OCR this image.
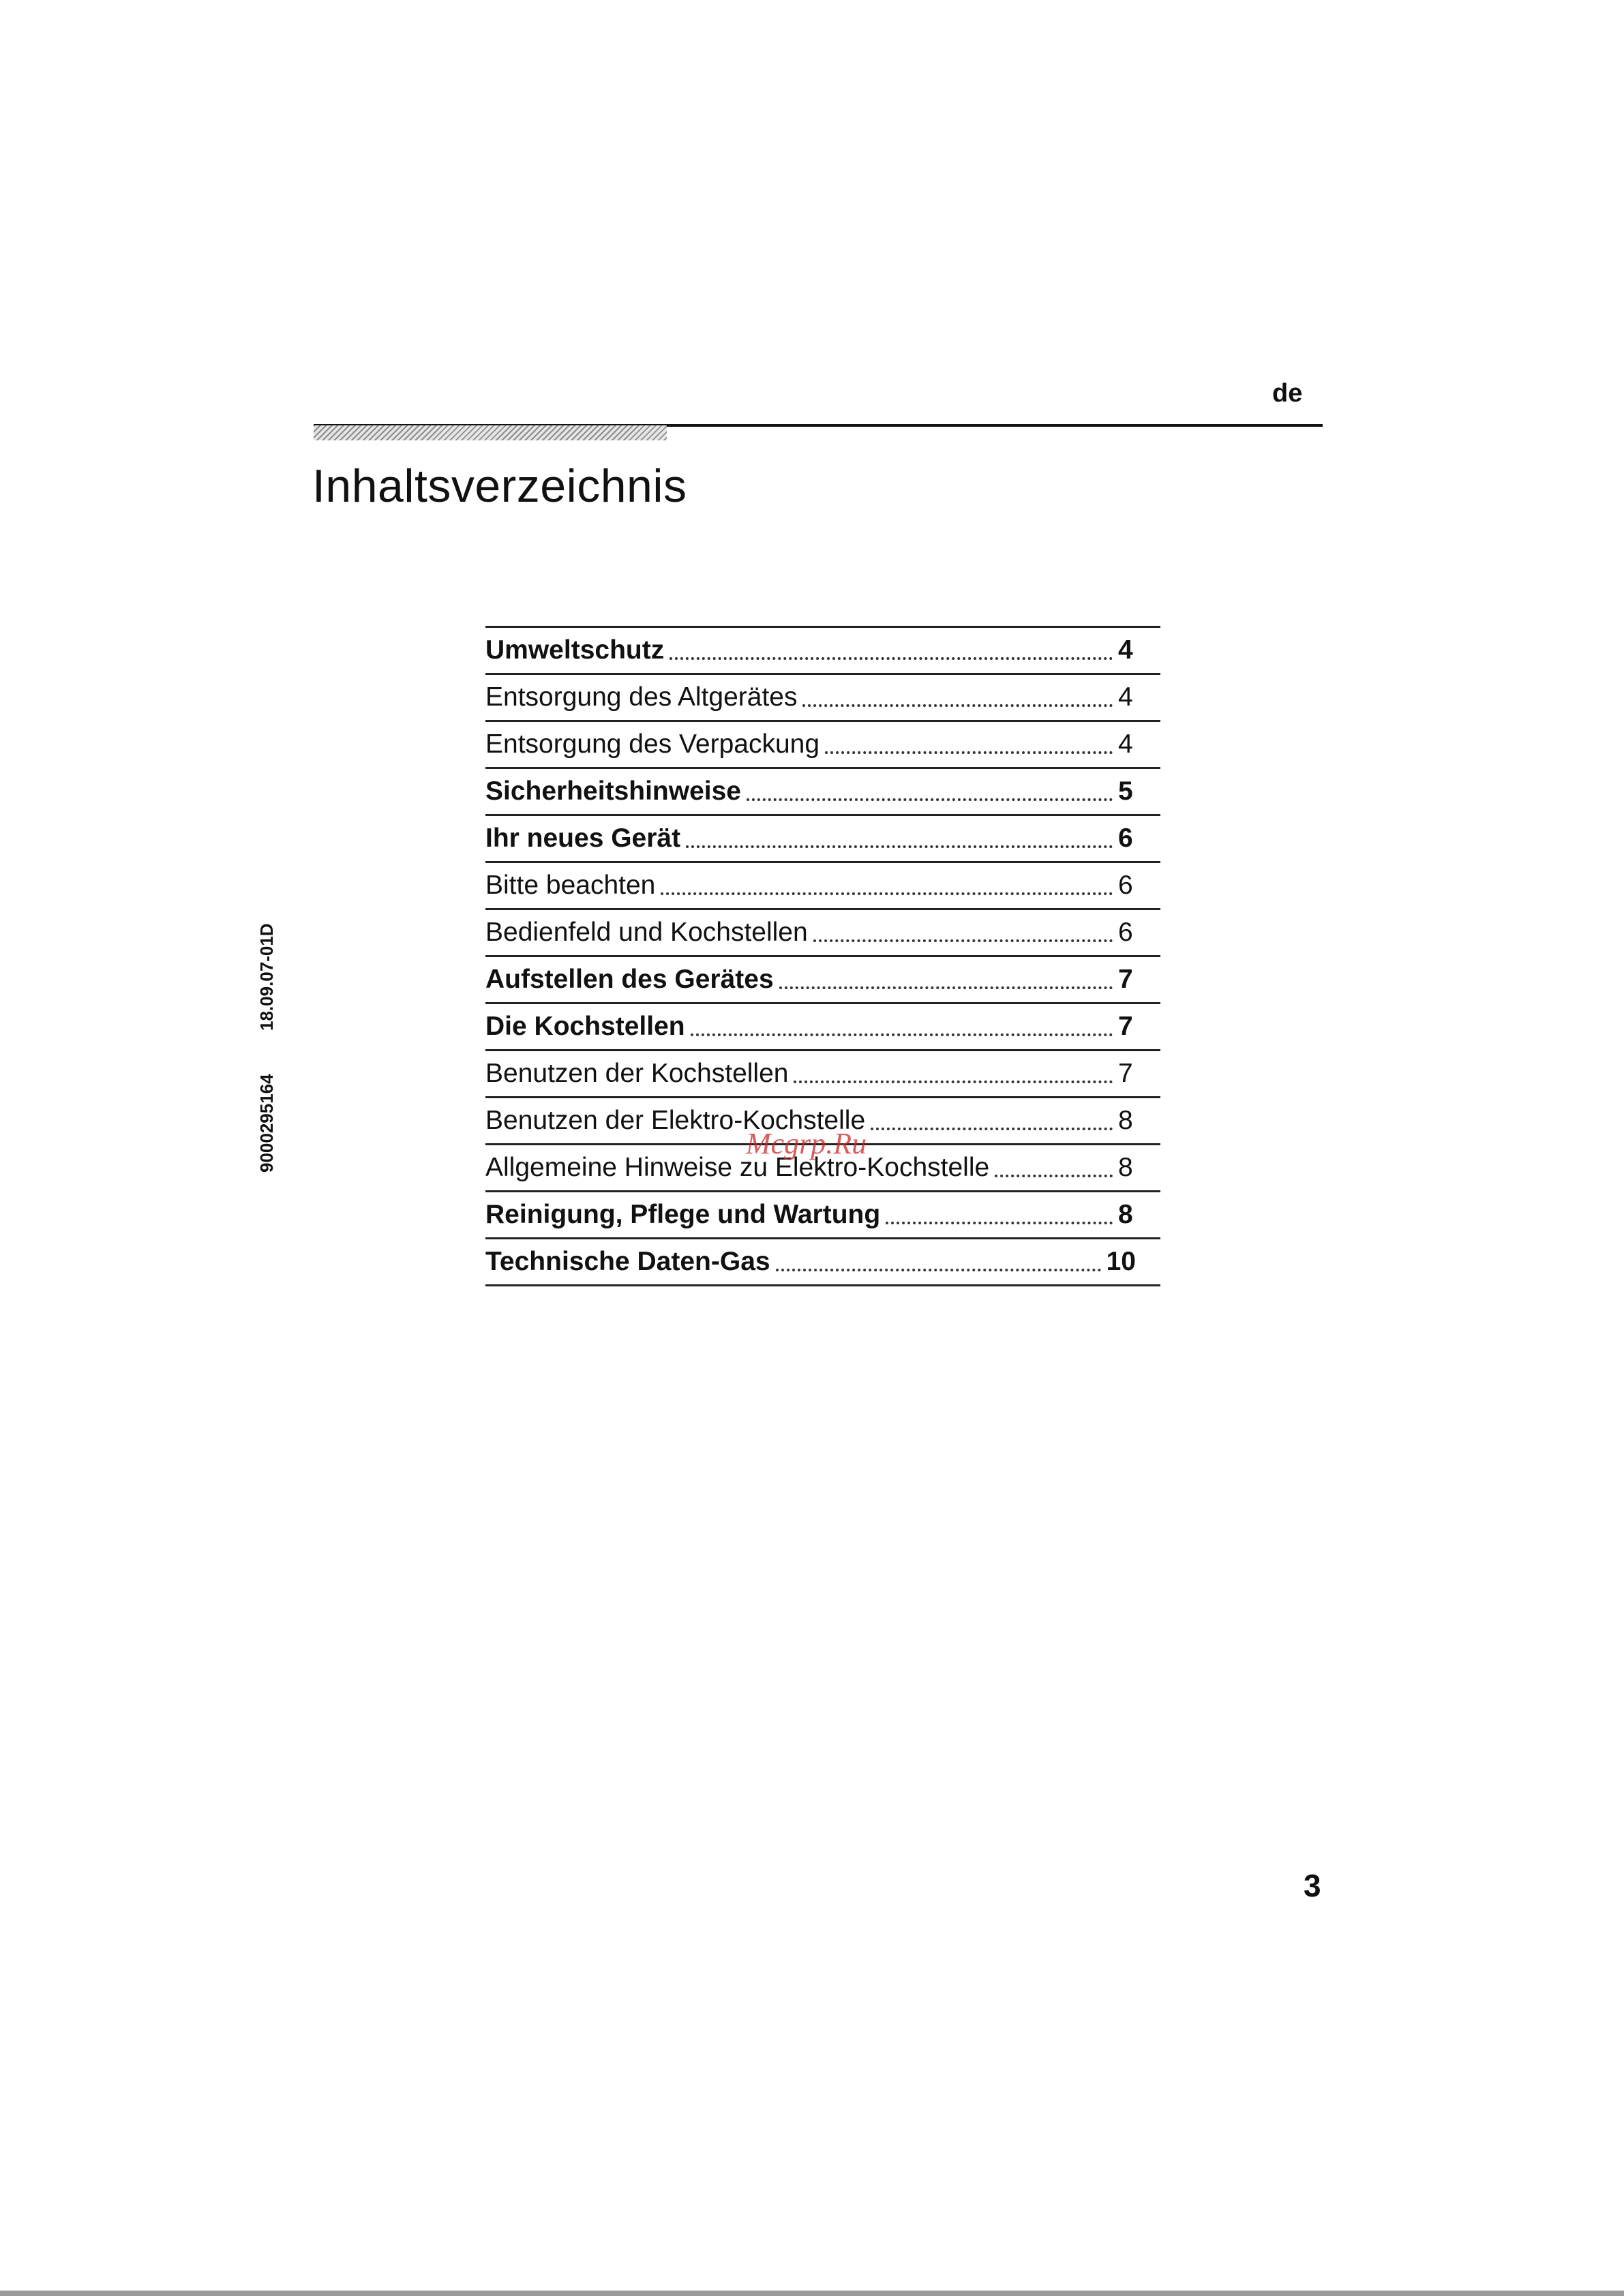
de
Inhaltsverzeichnis
Umweltschutz	4
Entsorgung des Altgerätes	4
Entsorgung des Verpackung	4
Sicherheitshinweise	5
Ihr neues Gerät	6
Bitte beachten	6
Bedienfeld und Kochstellen	6
Aufstellen des Gerätes	7
Die Kochstellen	7
Benutzen der Kochstellen	7
Benutzen der Elektro-Kochstelle	8
Allgemeine Hinweise zu Elektro-Kochstelle	8
Reinigung, Pflege und Wartung	8
Technische Daten-Gas	10
18.09.07-01D
9000295164	Mcgrp.Ru
3
